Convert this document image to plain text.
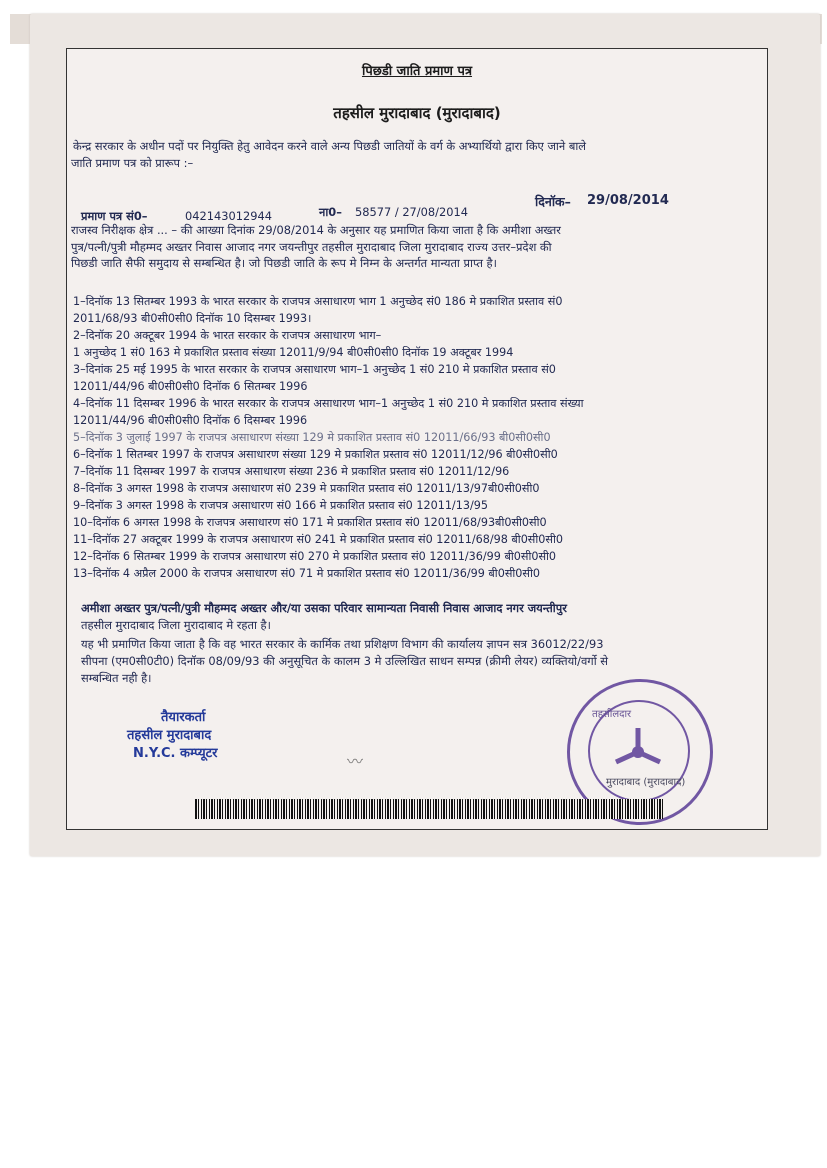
पिछडी जाति प्रमाण पत्र
तहसील मुरादाबाद (मुरादाबाद)
केन्द्र सरकार के अधीन पदों पर नियुक्ति हेतु आवेदन करने वाले अन्य पिछडी जातियों के वर्ग के अभ्यार्थियो द्वारा किए जाने बाले
जाति प्रमाण पत्र को प्रारूप :–
प्रमाण पत्र सं0–	042143012944	ना0– 58577 / 27/08/2014
दिनॉक– 29/08/2014
राजस्व निरीक्षक क्षेत्र ... – की आख्या दिनांक 29/08/2014 के अनुसार यह प्रमाणित किया जाता है कि अमीशा अख्तर
पुत्र/पत्नी/पुत्री मौहम्मद अख्तर निवास आजाद नगर जयन्तीपुर तहसील मुरादाबाद जिला मुरादाबाद राज्य उत्तर–प्रदेश की
पिछडी जाति सैफी समुदाय से सम्बन्धित है। जो पिछडी जाति के रूप मे निम्न के अन्तर्गत मान्यता प्राप्त है।
1–दिनॉक 13 सितम्बर 1993 के भारत सरकार के राजपत्र असाधारण भाग 1 अनुच्छेद सं0 186 मे प्रकाशित प्रस्ताव सं0
2011/68/93 बी0सी0सी0 दिनॉक 10 दिसम्बर 1993।
2–दिनॉक 20 अक्टूबर 1994 के भारत सरकार के राजपत्र असाधारण भाग–
1 अनुच्छेद 1 सं0 163 मे प्रकाशित प्रस्ताव संख्या 12011/9/94 बी0सी0सी0 दिनॉक 19 अक्टूबर 1994
3–दिनांक 25 मई 1995 के भारत सरकार के राजपत्र असाधारण भाग–1 अनुच्छेद 1 सं0 210 मे प्रकाशित प्रस्ताव सं0
12011/44/96 बी0सी0सी0 दिनॉक 6 सितम्बर 1996
4–दिनॉक 11 दिसम्बर 1996 के भारत सरकार के राजपत्र असाधारण भाग–1 अनुच्छेद 1 सं0 210 मे प्रकाशित प्रस्ताव संख्या
12011/44/96 बी0सी0सी0 दिनॉक 6 दिसम्बर 1996
5–दिनॉक 3 जुलाई 1997 के राजपत्र असाधारण संख्या 129 मे प्रकाशित प्रस्ताव सं0 12011/66/93 बी0सी0सी0
6–दिनॉक 1 सितम्बर 1997 के राजपत्र असाधारण संख्या 129 मे प्रकाशित प्रस्ताव सं0 12011/12/96 बी0सी0सी0
7–दिनॉक 11 दिसम्बर 1997 के राजपत्र असाधारण संख्या 236 मे प्रकाशित प्रस्ताव सं0 12011/12/96
8–दिनॉक 3 अगस्त 1998 के राजपत्र असाधारण सं0 239 मे प्रकाशित प्रस्ताव सं0 12011/13/97बी0सी0सी0
9–दिनॉक 3 अगस्त 1998 के राजपत्र असाधारण सं0 166 मे प्रकाशित प्रस्ताव सं0 12011/13/95
10–दिनॉक 6 अगस्त 1998 के राजपत्र असाधारण सं0 171 मे प्रकाशित प्रस्ताव सं0 12011/68/93बी0सी0सी0
11–दिनॉक 27 अक्टूबर 1999 के राजपत्र असाधारण सं0 241 मे प्रकाशित प्रस्ताव सं0 12011/68/98 बी0सी0सी0
12–दिनॉक 6 सितम्बर 1999 के राजपत्र असाधारण सं0 270 मे प्रकाशित प्रस्ताव सं0 12011/36/99 बी0सी0सी0
13–दिनॉक 4 अप्रैल 2000 के राजपत्र असाधारण सं0 71 मे प्रकाशित प्रस्ताव सं0 12011/36/99 बी0सी0सी0
अमीशा अख्तर पुत्र/पत्नी/पुत्री मौहम्मद अख्तर और/या उसका परिवार सामान्यता निवासी निवास आजाद नगर जयन्तीपुर
तहसील मुरादाबाद जिला मुरादाबाद मे रहता है।
यह भी प्रमाणित किया जाता है कि वह भारत सरकार के कार्मिक तथा प्रशिक्षण विभाग की कार्यालय ज्ञापन सत्र 36012/22/93
सीपना (एम0सी0टी0) दिनॉक 08/09/93 की अनुसूचित के कालम 3 मे उल्लिखित साधन सम्पन्न (क्रीमी लेयर) व्यक्तियो/वर्गो से
सम्बन्धित नही है।
तैयारकर्ता
तहसील मुरादाबाद
N.Y.C. कम्प्यूटर	〰
तहसीलदार
मुरादाबाद (मुरादाबाद)
